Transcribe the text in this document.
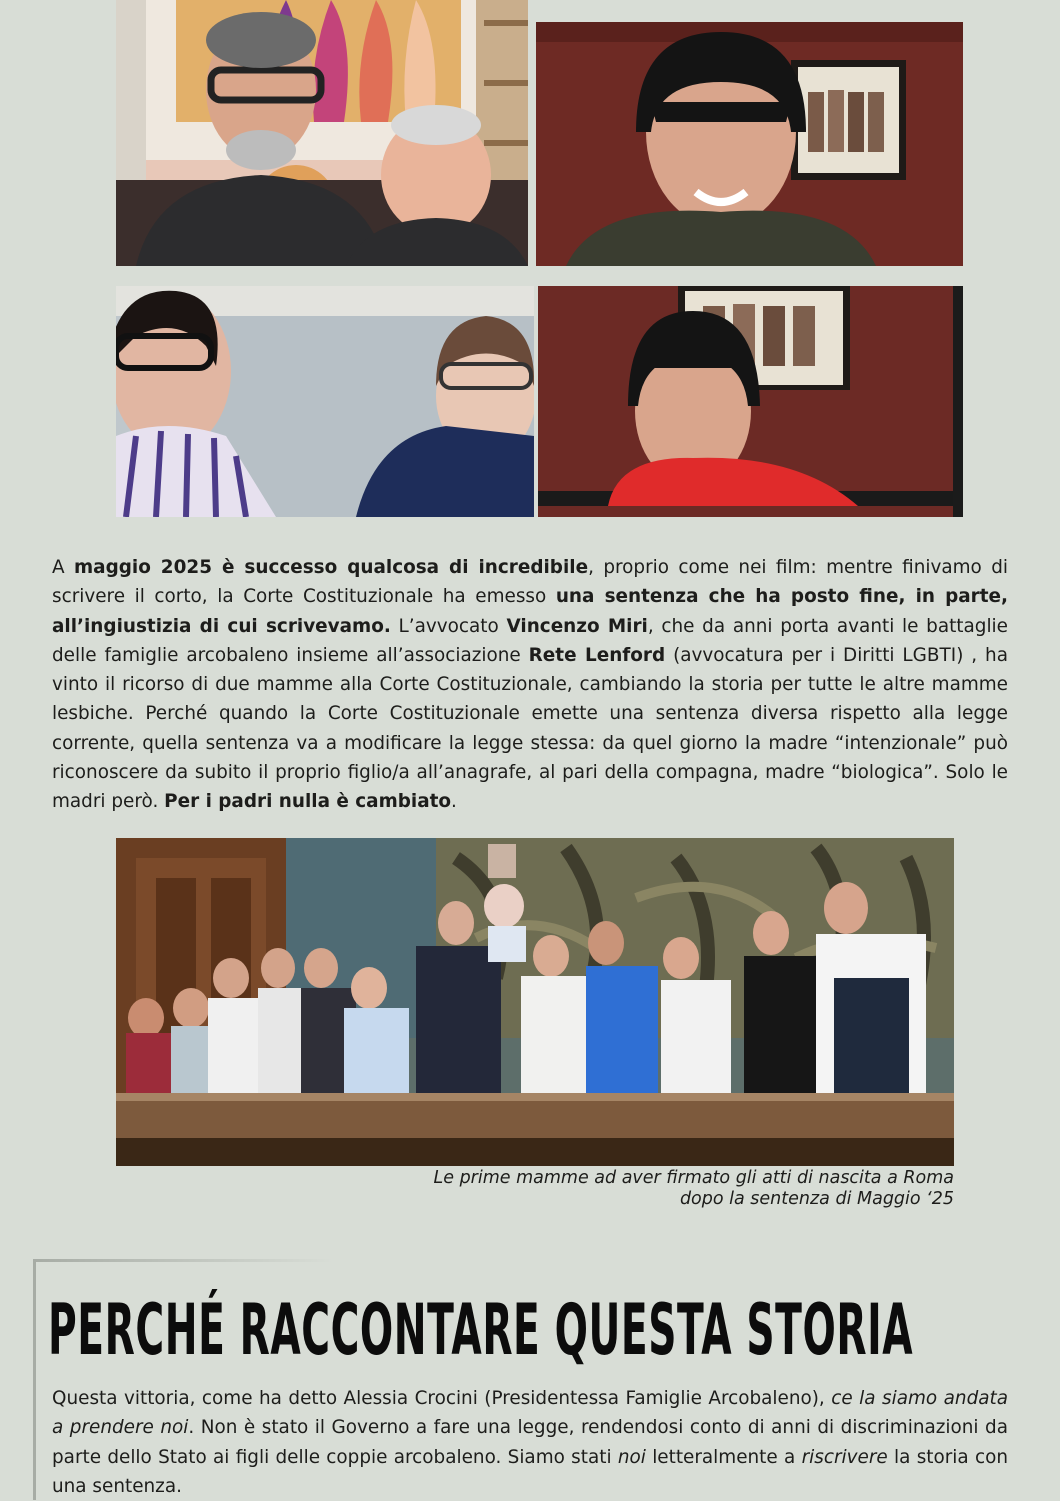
A maggio 2025 è successo qualcosa di incredibile, proprio come nei film: mentre finivamo di scrivere il corto, la Corte Costituzionale ha emesso una sentenza che ha posto fine, in parte, all’ingiustizia di cui scrivevamo. L’avvocato Vincenzo Miri, che da anni porta avanti le battaglie delle famiglie arcobaleno insieme all’associazione Rete Lenford (avvocatura per i Diritti LGBTI) , ha vinto il ricorso di due mamme alla Corte Costituzionale, cambiando la storia per tutte le altre mamme lesbiche. Perché quando la Corte Costituzionale emette una sentenza diversa rispetto alla legge corrente, quella sentenza va a modificare la legge stessa: da quel giorno la madre “intenzionale” può riconoscere da subito il proprio figlio/a all’anagrafe, al pari della compagna, madre “biologica”. Solo le madri però. Per i padri nulla è cambiato.

Le prime mamme ad aver firmato gli atti di nascita a Roma
dopo la sentenza di Maggio ‘25
PERCHÉ RACCONTARE QUESTA STORIA

Questa vittoria, come ha detto Alessia Crocini (Presidentessa Famiglie Arcobaleno), ce la siamo andata a prendere noi. Non è stato il Governo a fare una legge, rendendosi conto di anni di discriminazioni da parte dello Stato ai figli delle coppie arcobaleno. Siamo stati noi letteralmente a riscrivere la storia con una sentenza.
